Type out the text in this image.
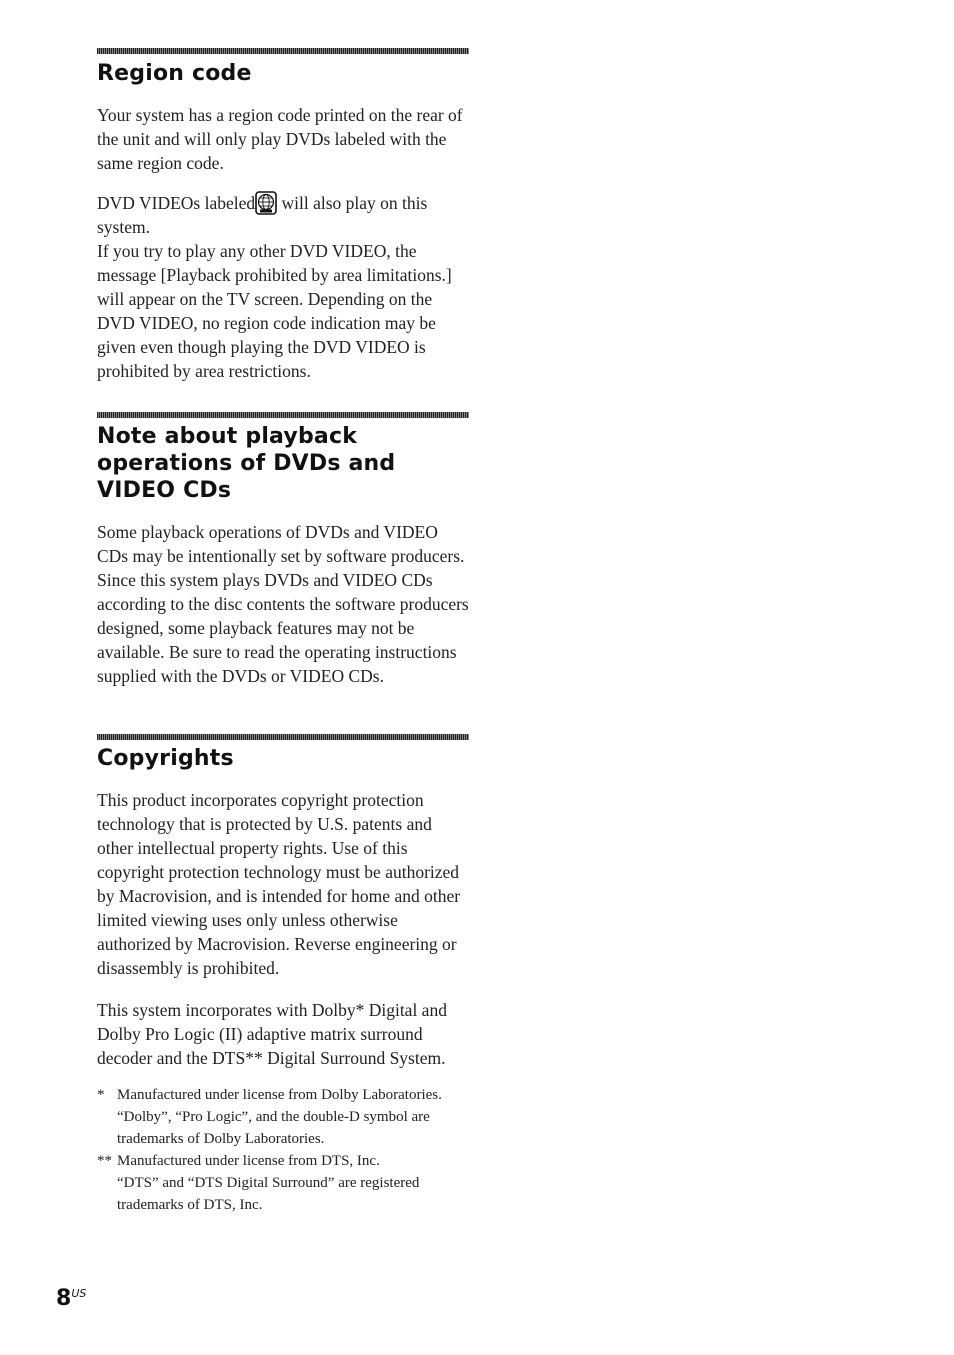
Region code

Your system has a region code printed on the rear of the unit and will only play DVDs labeled with the same region code.

DVD VIDEOs labeled will also play on this system.

If you try to play any other DVD VIDEO, the message [Playback prohibited by area limitations.] will appear on the TV screen. Depending on the DVD VIDEO, no region code indication may be given even though playing the DVD VIDEO is prohibited by area restrictions.

Note about playback
operations of DVDs and
VIDEO CDs

Some playback operations of DVDs and VIDEO CDs may be intentionally set by software producers. Since this system plays DVDs and VIDEO CDs according to the disc contents the software producers designed, some playback features may not be available. Be sure to read the operating instructions supplied with the DVDs or VIDEO CDs.

Copyrights

This product incorporates copyright protection technology that is protected by U.S. patents and other intellectual property rights. Use of this copyright protection technology must be authorized by Macrovision, and is intended for home and other limited viewing uses only unless otherwise authorized by Macrovision. Reverse engineering or disassembly is prohibited.

This system incorporates with Dolby* Digital and Dolby Pro Logic (II) adaptive matrix surround decoder and the DTS** Digital Surround System.

* Manufactured under license from Dolby Laboratories.
“Dolby”, “Pro Logic”, and the double-D symbol are trademarks of Dolby Laboratories.
** Manufactured under license from DTS, Inc.
“DTS” and “DTS Digital Surround” are registered trademarks of DTS, Inc.
$8^{US}$
